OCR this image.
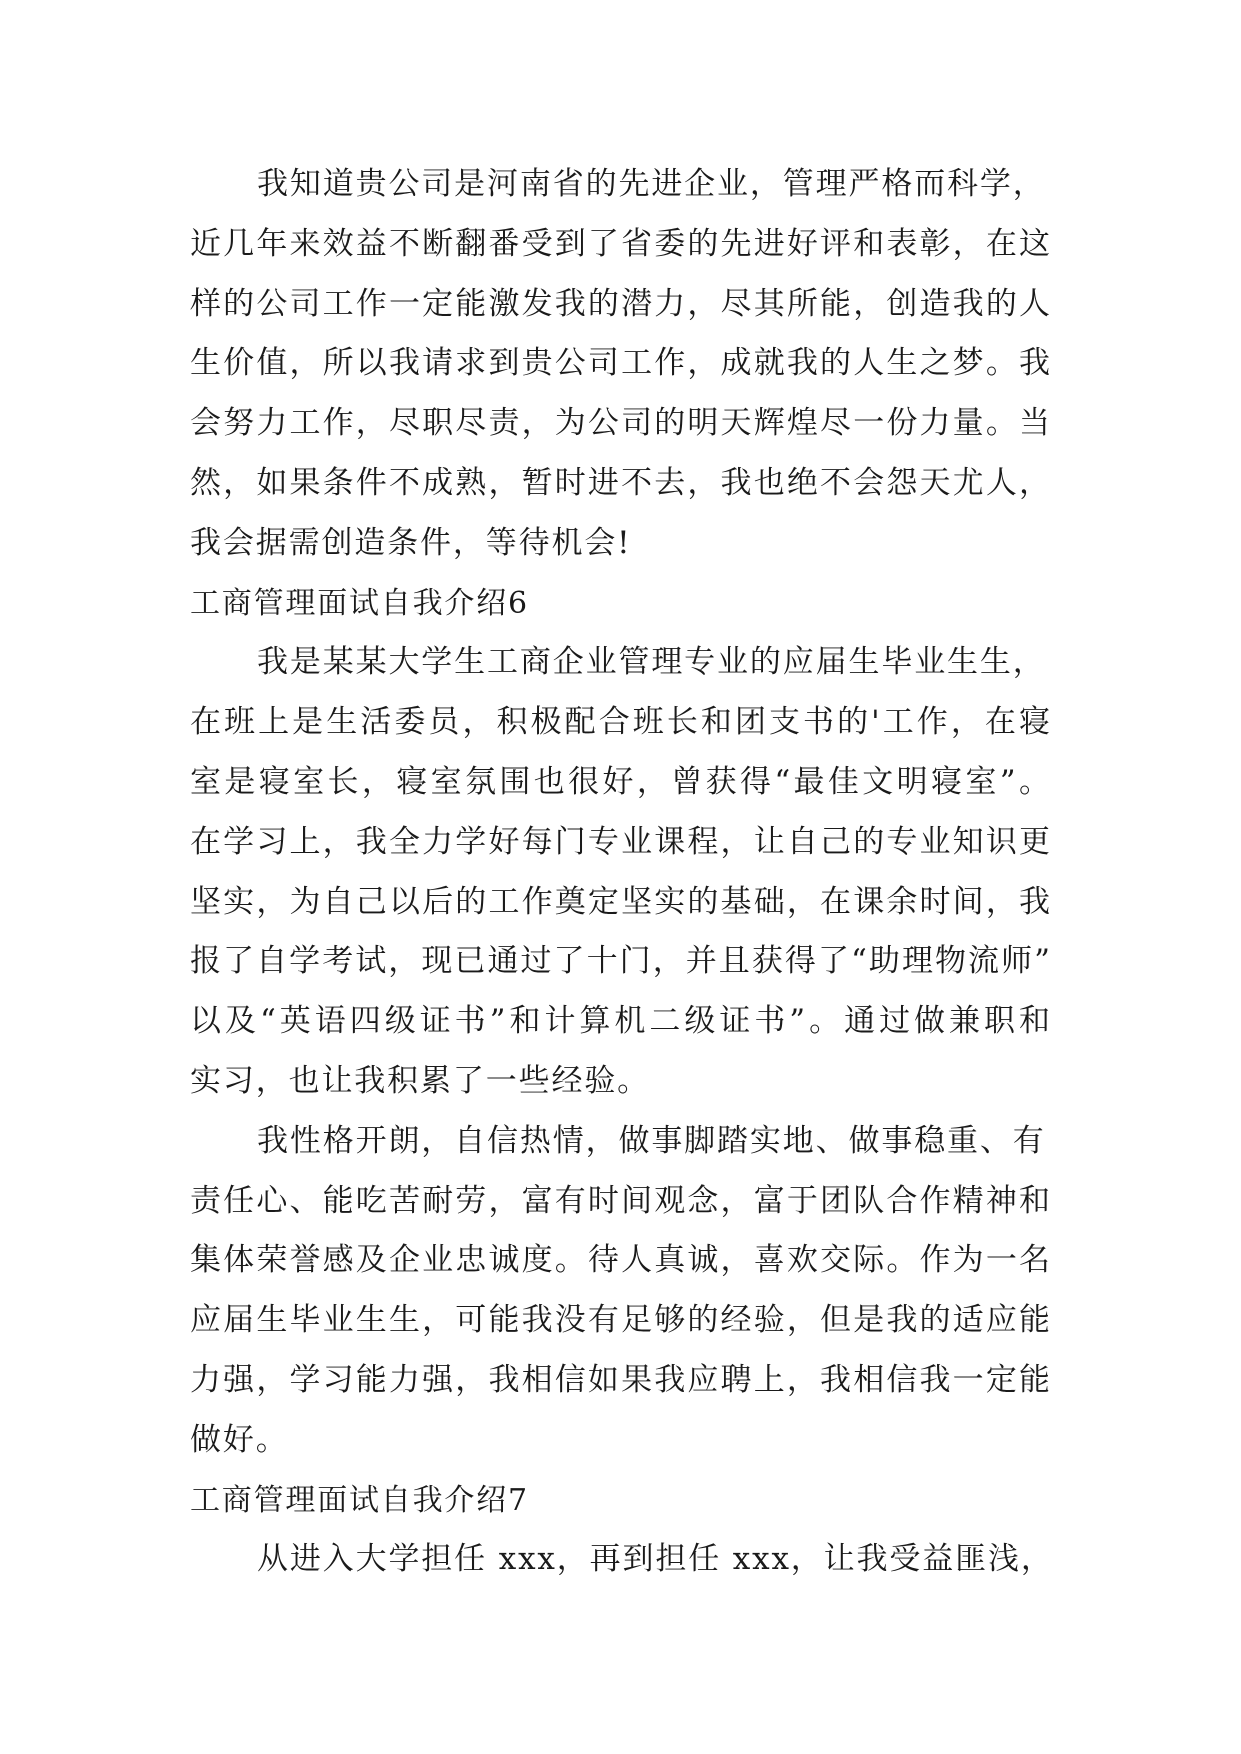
我知道贵公司是河南省的先进企业，管理严格而科学，
近几年来效益不断翻番受到了省委的先进好评和表彰，在这
样的公司工作一定能激发我的潜力，尽其所能，创造我的人
生价值，所以我请求到贵公司工作，成就我的人生之梦。我
会努力工作，尽职尽责，为公司的明天辉煌尽一份力量。当
然，如果条件不成熟，暂时进不去，我也绝不会怨天尤人，
我会据需创造条件，等待机会!
工商管理面试自我介绍6
我是某某大学生工商企业管理专业的应届生毕业生生，
在班上是生活委员，积极配合班长和团支书的'工作，在寝
室是寝室长，寝室氛围也很好，曾获得“最佳文明寝室”。
在学习上，我全力学好每门专业课程，让自己的专业知识更
坚实，为自己以后的工作奠定坚实的基础，在课余时间，我
报了自学考试，现已通过了十门，并且获得了“助理物流师”
以及“英语四级证书”和计算机二级证书”。通过做兼职和
实习，也让我积累了一些经验。
我性格开朗，自信热情，做事脚踏实地、做事稳重、有
责任心、能吃苦耐劳，富有时间观念，富于团队合作精神和
集体荣誉感及企业忠诚度。待人真诚，喜欢交际。作为一名
应届生毕业生生，可能我没有足够的经验，但是我的适应能
力强，学习能力强，我相信如果我应聘上，我相信我一定能
做好。
工商管理面试自我介绍7
从进入大学担任 xxx，再到担任 xxx，让我受益匪浅，
